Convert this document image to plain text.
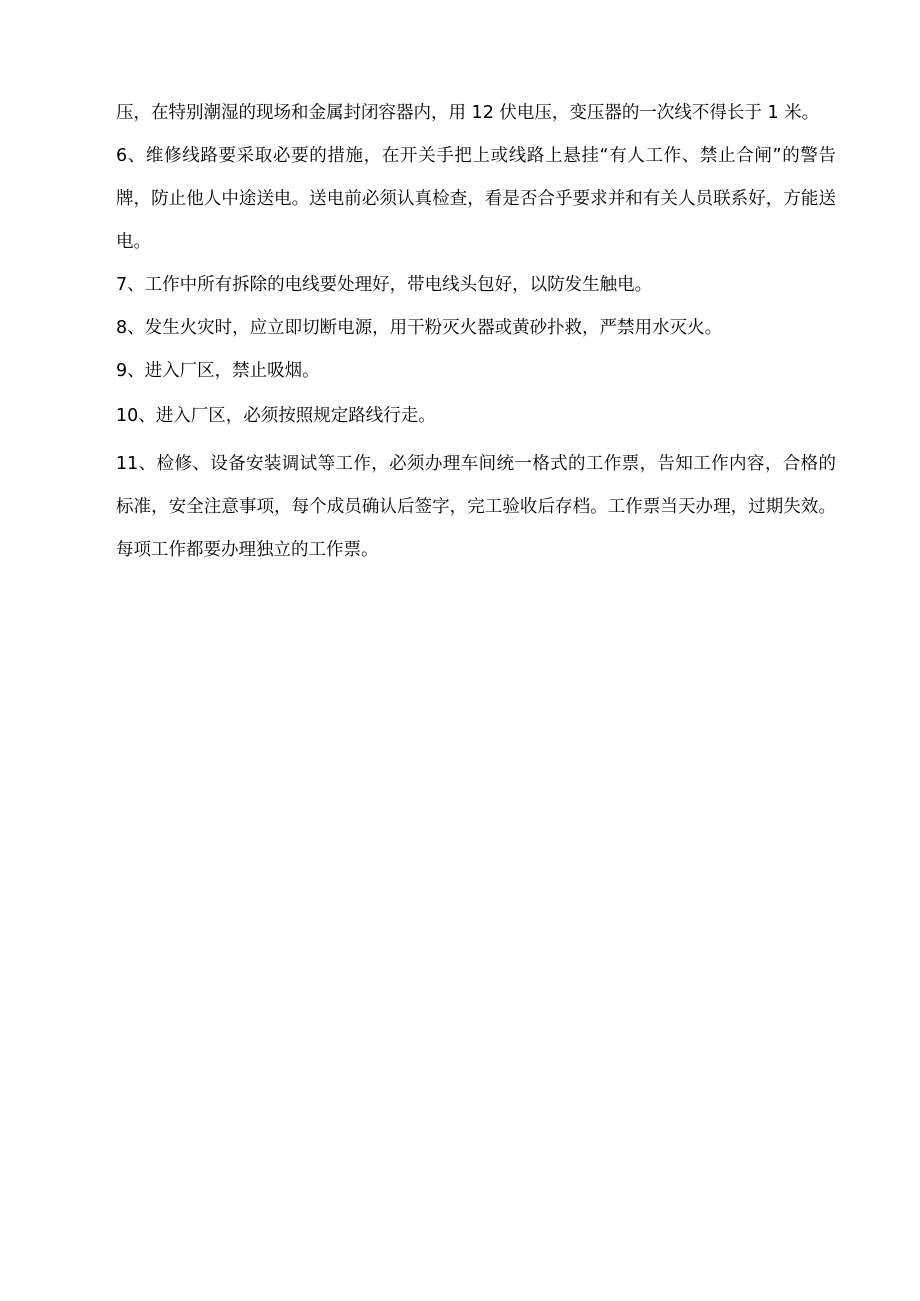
压，在特别潮湿的现场和金属封闭容器内，用 12 伏电压，变压器的一次线不得长于 1 米。

6、维修线路要采取必要的措施，在开关手把上或线路上悬挂“有人工作、禁止合闸”的警告牌，防止他人中途送电。送电前必须认真检查，看是否合乎要求并和有关人员联系好，方能送电。

7、工作中所有拆除的电线要处理好，带电线头包好，以防发生触电。

8、发生火灾时，应立即切断电源，用干粉灭火器或黄砂扑救，严禁用水灭火。

9、进入厂区，禁止吸烟。

10、进入厂区，必须按照规定路线行走。

11、检修、设备安装调试等工作，必须办理车间统一格式的工作票，告知工作内容，合格的标准，安全注意事项，每个成员确认后签字，完工验收后存档。工作票当天办理，过期失效。每项工作都要办理独立的工作票。
